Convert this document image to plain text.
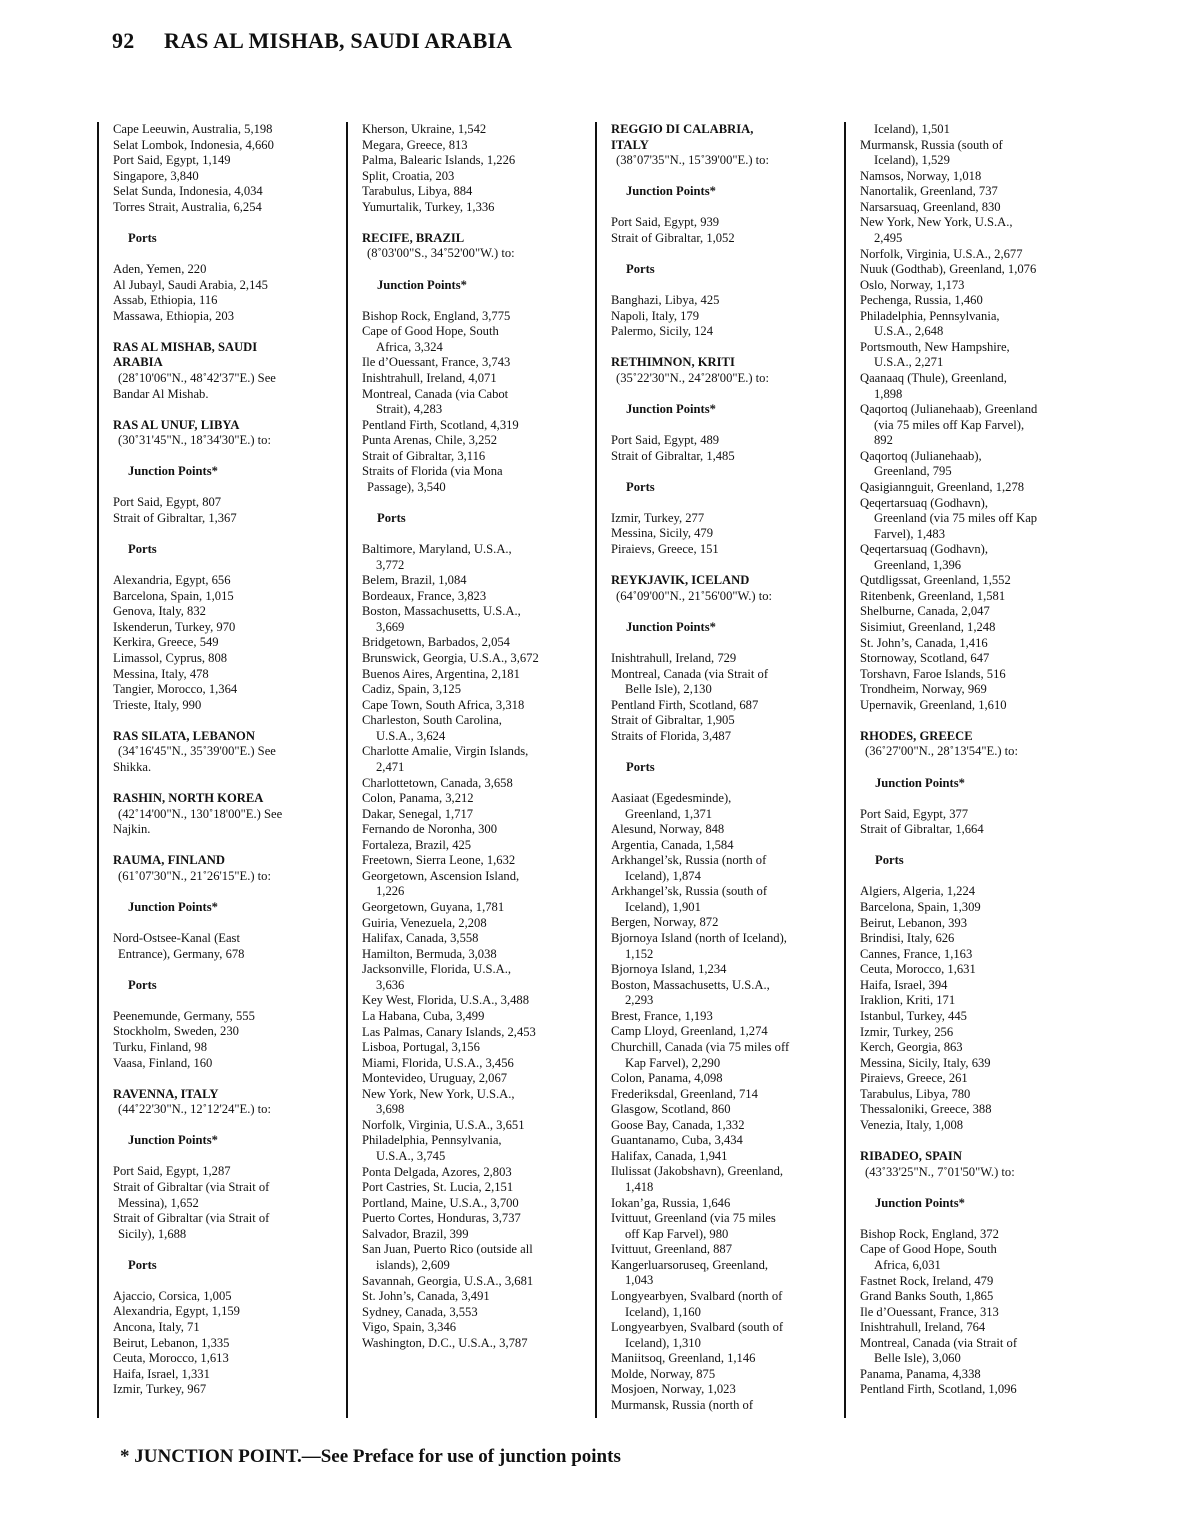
92 RAS AL MISHAB, SAUDI ARABIA
Cape Leeuwin, Australia, 5,198
Selat Lombok, Indonesia, 4,660
Port Said, Egypt, 1,149
Singapore, 3,840
Selat Sunda, Indonesia, 4,034
Torres Strait, Australia, 6,254
Ports
Aden, Yemen, 220
Al Jubayl, Saudi Arabia, 2,145
Assab, Ethiopia, 116
Massawa, Ethiopia, 203
RAS AL MISHAB, SAUDI
ARABIA
(28˚10'06"N., 48˚42'37"E.) See
Bandar Al Mishab.
RAS AL UNUF, LIBYA
(30˚31'45"N., 18˚34'30"E.) to:
Junction Points*
Port Said, Egypt, 807
Strait of Gibraltar, 1,367
Ports
Alexandria, Egypt, 656
Barcelona, Spain, 1,015
Genova, Italy, 832
Iskenderun, Turkey, 970
Kerkira, Greece, 549
Limassol, Cyprus, 808
Messina, Italy, 478
Tangier, Morocco, 1,364
Trieste, Italy, 990
RAS SILATA, LEBANON
(34˚16'45"N., 35˚39'00"E.) See
Shikka.
RASHIN, NORTH KOREA
(42˚14'00"N., 130˚18'00"E.) See
Najkin.
RAUMA, FINLAND
(61˚07'30"N., 21˚26'15"E.) to:
Junction Points*
Nord-Ostsee-Kanal (East
Entrance), Germany, 678
Ports
Peenemunde, Germany, 555
Stockholm, Sweden, 230
Turku, Finland, 98
Vaasa, Finland, 160
RAVENNA, ITALY
(44˚22'30"N., 12˚12'24"E.) to:
Junction Points*
Port Said, Egypt, 1,287
Strait of Gibraltar (via Strait of
Messina), 1,652
Strait of Gibraltar (via Strait of
Sicily), 1,688
Ports
Ajaccio, Corsica, 1,005
Alexandria, Egypt, 1,159
Ancona, Italy, 71
Beirut, Lebanon, 1,335
Ceuta, Morocco, 1,613
Haifa, Israel, 1,331
Izmir, Turkey, 967
Kherson, Ukraine, 1,542
Megara, Greece, 813
Palma, Balearic Islands, 1,226
Split, Croatia, 203
Tarabulus, Libya, 884
Yumurtalik, Turkey, 1,336
RECIFE, BRAZIL
(8˚03'00"S., 34˚52'00"W.) to:
Junction Points*
Bishop Rock, England, 3,775
Cape of Good Hope, South
Africa, 3,324
Ile d’Ouessant, France, 3,743
Inishtrahull, Ireland, 4,071
Montreal, Canada (via Cabot
Strait), 4,283
Pentland Firth, Scotland, 4,319
Punta Arenas, Chile, 3,252
Strait of Gibraltar, 3,116
Straits of Florida (via Mona
Passage), 3,540
Ports
Baltimore, Maryland, U.S.A.,
3,772
Belem, Brazil, 1,084
Bordeaux, France, 3,823
Boston, Massachusetts, U.S.A.,
3,669
Bridgetown, Barbados, 2,054
Brunswick, Georgia, U.S.A., 3,672
Buenos Aires, Argentina, 2,181
Cadiz, Spain, 3,125
Cape Town, South Africa, 3,318
Charleston, South Carolina,
U.S.A., 3,624
Charlotte Amalie, Virgin Islands,
2,471
Charlottetown, Canada, 3,658
Colon, Panama, 3,212
Dakar, Senegal, 1,717
Fernando de Noronha, 300
Fortaleza, Brazil, 425
Freetown, Sierra Leone, 1,632
Georgetown, Ascension Island,
1,226
Georgetown, Guyana, 1,781
Guiria, Venezuela, 2,208
Halifax, Canada, 3,558
Hamilton, Bermuda, 3,038
Jacksonville, Florida, U.S.A.,
3,636
Key West, Florida, U.S.A., 3,488
La Habana, Cuba, 3,499
Las Palmas, Canary Islands, 2,453
Lisboa, Portugal, 3,156
Miami, Florida, U.S.A., 3,456
Montevideo, Uruguay, 2,067
New York, New York, U.S.A.,
3,698
Norfolk, Virginia, U.S.A., 3,651
Philadelphia, Pennsylvania,
U.S.A., 3,745
Ponta Delgada, Azores, 2,803
Port Castries, St. Lucia, 2,151
Portland, Maine, U.S.A., 3,700
Puerto Cortes, Honduras, 3,737
Salvador, Brazil, 399
San Juan, Puerto Rico (outside all
islands), 2,609
Savannah, Georgia, U.S.A., 3,681
St. John’s, Canada, 3,491
Sydney, Canada, 3,553
Vigo, Spain, 3,346
Washington, D.C., U.S.A., 3,787
REGGIO DI CALABRIA,
ITALY
(38˚07'35"N., 15˚39'00"E.) to:
Junction Points*
Port Said, Egypt, 939
Strait of Gibraltar, 1,052
Ports
Banghazi, Libya, 425
Napoli, Italy, 179
Palermo, Sicily, 124
RETHIMNON, KRITI
(35˚22'30"N., 24˚28'00"E.) to:
Junction Points*
Port Said, Egypt, 489
Strait of Gibraltar, 1,485
Ports
Izmir, Turkey, 277
Messina, Sicily, 479
Piraievs, Greece, 151
REYKJAVIK, ICELAND
(64˚09'00"N., 21˚56'00"W.) to:
Junction Points*
Inishtrahull, Ireland, 729
Montreal, Canada (via Strait of
Belle Isle), 2,130
Pentland Firth, Scotland, 687
Strait of Gibraltar, 1,905
Straits of Florida, 3,487
Ports
Aasiaat (Egedesminde),
Greenland, 1,371
Alesund, Norway, 848
Argentia, Canada, 1,584
Arkhangel’sk, Russia (north of
Iceland), 1,874
Arkhangel’sk, Russia (south of
Iceland), 1,901
Bergen, Norway, 872
Bjornoya Island (north of Iceland),
1,152
Bjornoya Island, 1,234
Boston, Massachusetts, U.S.A.,
2,293
Brest, France, 1,193
Camp Lloyd, Greenland, 1,274
Churchill, Canada (via 75 miles off
Kap Farvel), 2,290
Colon, Panama, 4,098
Frederiksdal, Greenland, 714
Glasgow, Scotland, 860
Goose Bay, Canada, 1,332
Guantanamo, Cuba, 3,434
Halifax, Canada, 1,941
Ilulissat (Jakobshavn), Greenland,
1,418
Iokan’ga, Russia, 1,646
Ivittuut, Greenland (via 75 miles
off Kap Farvel), 980
Ivittuut, Greenland, 887
Kangerluarsoruseq, Greenland,
1,043
Longyearbyen, Svalbard (north of
Iceland), 1,160
Longyearbyen, Svalbard (south of
Iceland), 1,310
Maniitsoq, Greenland, 1,146
Molde, Norway, 875
Mosjoen, Norway, 1,023
Murmansk, Russia (north of
Iceland), 1,501
Murmansk, Russia (south of
Iceland), 1,529
Namsos, Norway, 1,018
Nanortalik, Greenland, 737
Narsarsuaq, Greenland, 830
New York, New York, U.S.A.,
2,495
Norfolk, Virginia, U.S.A., 2,677
Nuuk (Godthab), Greenland, 1,076
Oslo, Norway, 1,173
Pechenga, Russia, 1,460
Philadelphia, Pennsylvania,
U.S.A., 2,648
Portsmouth, New Hampshire,
U.S.A., 2,271
Qaanaaq (Thule), Greenland,
1,898
Qaqortoq (Julianehaab), Greenland
(via 75 miles off Kap Farvel),
892
Qaqortoq (Julianehaab),
Greenland, 795
Qasigiannguit, Greenland, 1,278
Qeqertarsuaq (Godhavn),
Greenland (via 75 miles off Kap
Farvel), 1,483
Qeqertarsuaq (Godhavn),
Greenland, 1,396
Qutdligssat, Greenland, 1,552
Ritenbenk, Greenland, 1,581
Shelburne, Canada, 2,047
Sisimiut, Greenland, 1,248
St. John’s, Canada, 1,416
Stornoway, Scotland, 647
Torshavn, Faroe Islands, 516
Trondheim, Norway, 969
Upernavik, Greenland, 1,610
RHODES, GREECE
(36˚27'00"N., 28˚13'54"E.) to:
Junction Points*
Port Said, Egypt, 377
Strait of Gibraltar, 1,664
Ports
Algiers, Algeria, 1,224
Barcelona, Spain, 1,309
Beirut, Lebanon, 393
Brindisi, Italy, 626
Cannes, France, 1,163
Ceuta, Morocco, 1,631
Haifa, Israel, 394
Iraklion, Kriti, 171
Istanbul, Turkey, 445
Izmir, Turkey, 256
Kerch, Georgia, 863
Messina, Sicily, Italy, 639
Piraievs, Greece, 261
Tarabulus, Libya, 780
Thessaloniki, Greece, 388
Venezia, Italy, 1,008
RIBADEO, SPAIN
(43˚33'25"N., 7˚01'50"W.) to:
Junction Points*
Bishop Rock, England, 372
Cape of Good Hope, South
Africa, 6,031
Fastnet Rock, Ireland, 479
Grand Banks South, 1,865
Ile d’Ouessant, France, 313
Inishtrahull, Ireland, 764
Montreal, Canada (via Strait of
Belle Isle), 3,060
Panama, Panama, 4,338
Pentland Firth, Scotland, 1,096
* JUNCTION POINT.—See Preface for use of junction points
